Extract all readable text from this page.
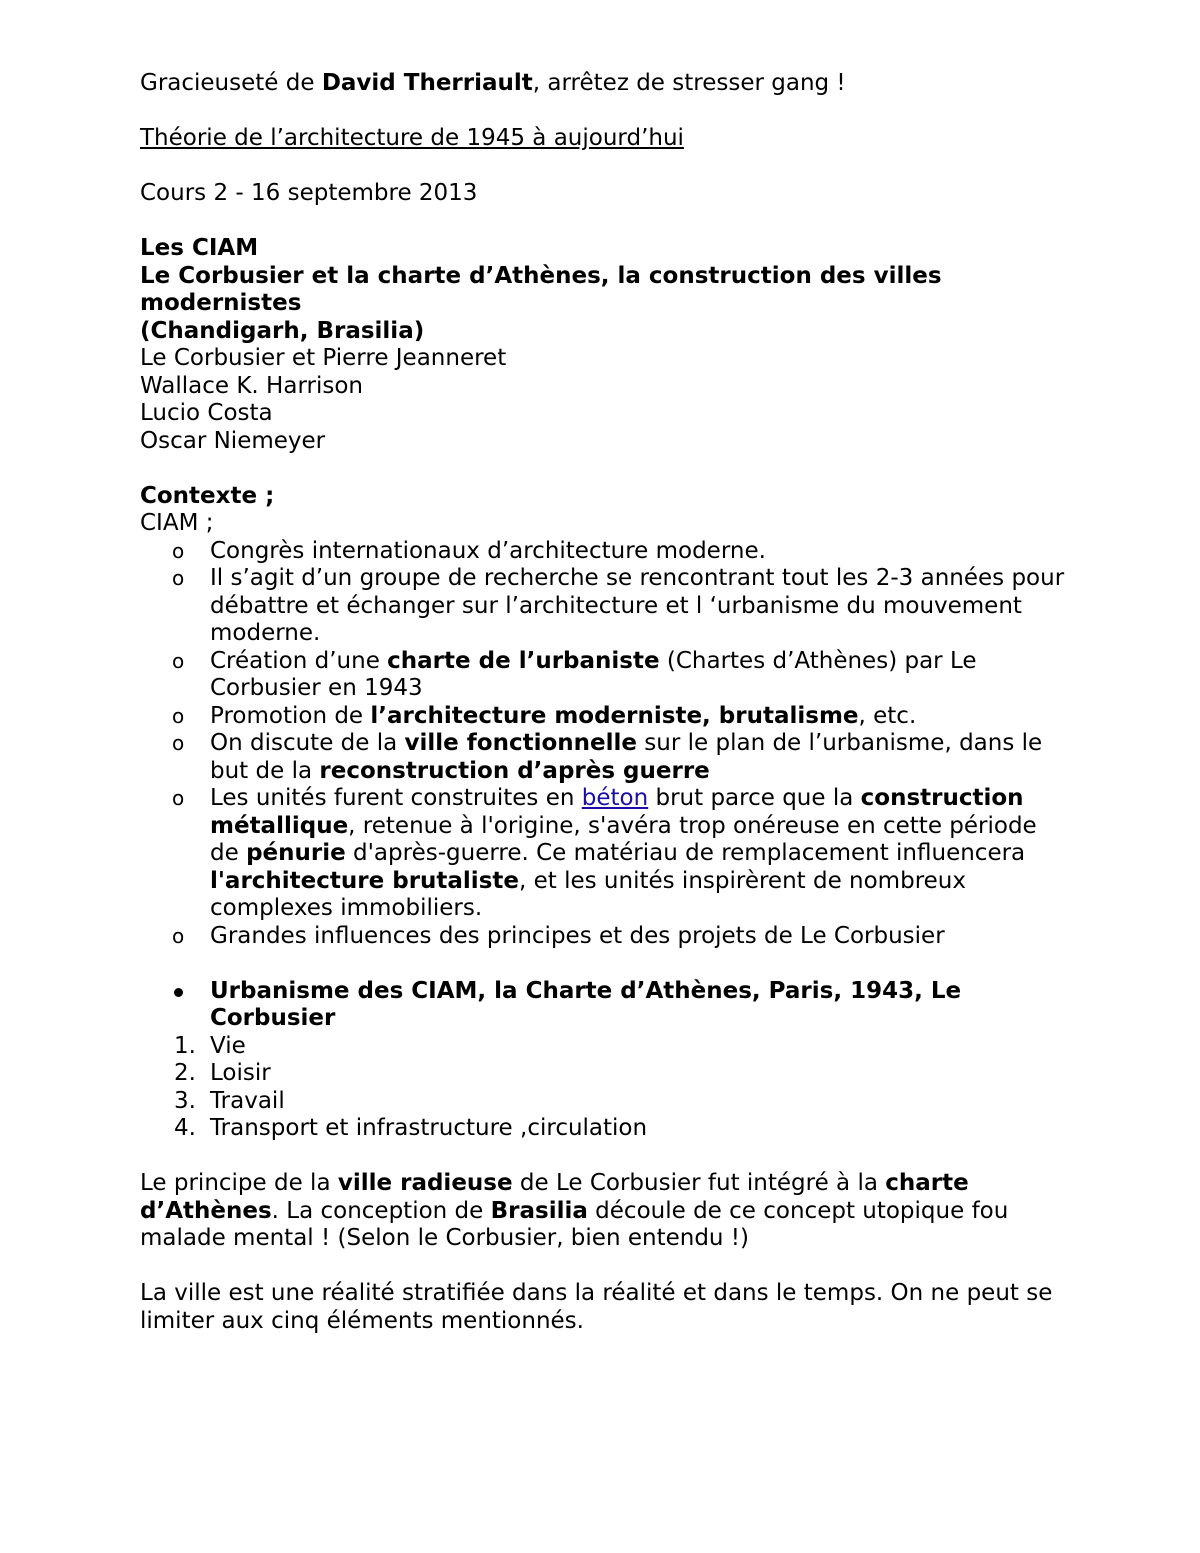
Gracieuseté de David Therriault, arrêtez de stresser gang !

Théorie de l’architecture de 1945 à aujourd’hui

Cours 2 - 16 septembre 2013

Les CIAM

Le Corbusier et la charte d’Athènes, la construction des villes modernistes

(Chandigarh, Brasilia)

Le Corbusier et Pierre Jeanneret

Wallace K. Harrison

Lucio Costa

Oscar Niemeyer

Contexte ;

CIAM ;

o Congrès internationaux d’architecture moderne.
o Il s’agit d’un groupe de recherche se rencontrant tout les 2-3 années pour débattre et échanger sur l’architecture et l ‘urbanisme du mouvement moderne.
o Création d’une charte de l’urbaniste (Chartes d’Athènes) par Le Corbusier en 1943
o Promotion de l’architecture moderniste, brutalisme, etc.
o On discute de la ville fonctionnelle sur le plan de l’urbanisme, dans le but de la reconstruction d’après guerre
o Les unités furent construites en béton brut parce que la construction métallique, retenue à l'origine, s'avéra trop onéreuse en cette période de pénurie d'après-guerre. Ce matériau de remplacement influencera l'architecture brutaliste, et les unités inspirèrent de nombreux complexes immobiliers.
o Grandes influences des principes et des projets de Le Corbusier
Urbanisme des CIAM, la Charte d’Athènes, Paris, 1943, Le Corbusier
1. Vie
2. Loisir
3. Travail
4. Transport et infrastructure ,circulation

Le principe de la ville radieuse de Le Corbusier fut intégré à la charte d’Athènes. La conception de Brasilia découle de ce concept utopique fou malade mental ! (Selon le Corbusier, bien entendu !)

La ville est une réalité stratifiée dans la réalité et dans le temps. On ne peut se limiter aux cinq éléments mentionnés.
